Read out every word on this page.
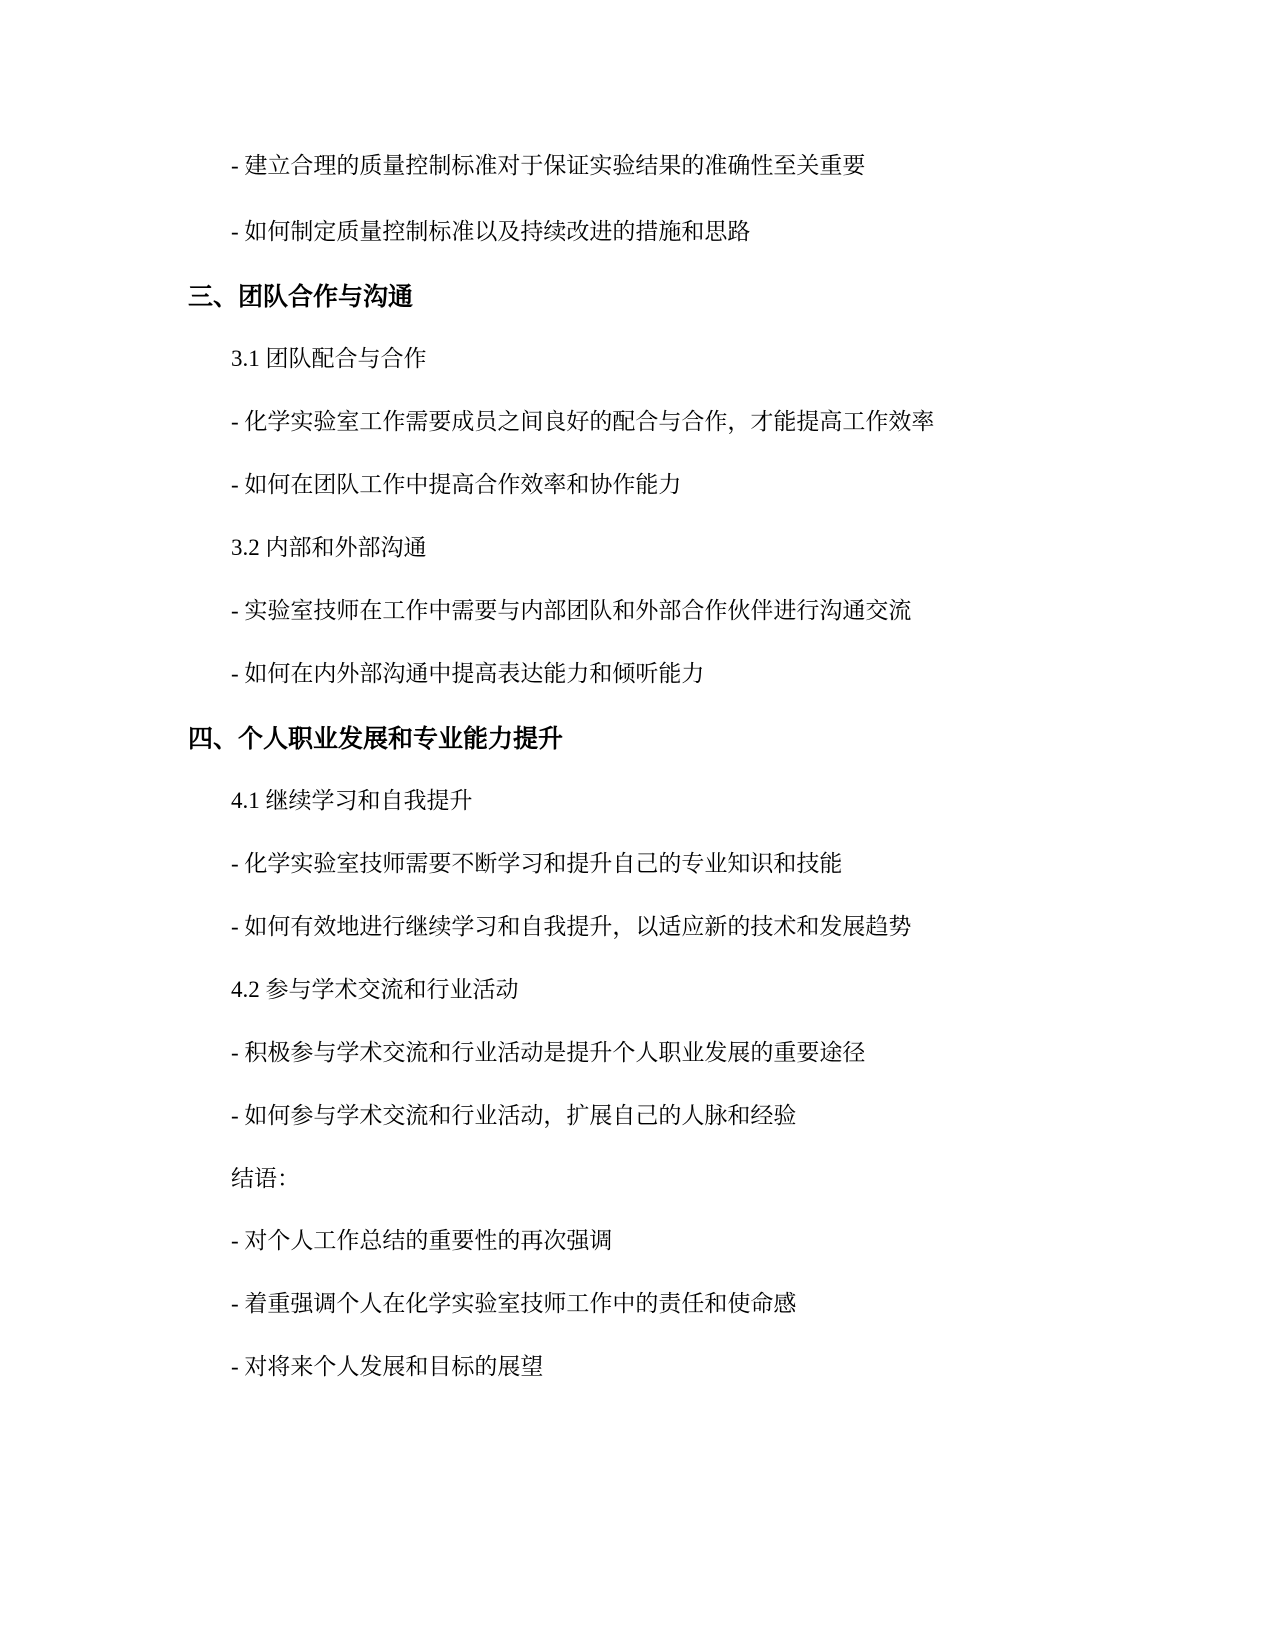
- 建立合理的质量控制标准对于保证实验结果的准确性至关重要
- 如何制定质量控制标准以及持续改进的措施和思路
三、团队合作与沟通
3.1 团队配合与合作
- 化学实验室工作需要成员之间良好的配合与合作，才能提高工作效率
- 如何在团队工作中提高合作效率和协作能力
3.2 内部和外部沟通
- 实验室技师在工作中需要与内部团队和外部合作伙伴进行沟通交流
- 如何在内外部沟通中提高表达能力和倾听能力
四、个人职业发展和专业能力提升
4.1 继续学习和自我提升
- 化学实验室技师需要不断学习和提升自己的专业知识和技能
- 如何有效地进行继续学习和自我提升，以适应新的技术和发展趋势
4.2 参与学术交流和行业活动
- 积极参与学术交流和行业活动是提升个人职业发展的重要途径
- 如何参与学术交流和行业活动，扩展自己的人脉和经验
结语：
- 对个人工作总结的重要性的再次强调
- 着重强调个人在化学实验室技师工作中的责任和使命感
- 对将来个人发展和目标的展望
